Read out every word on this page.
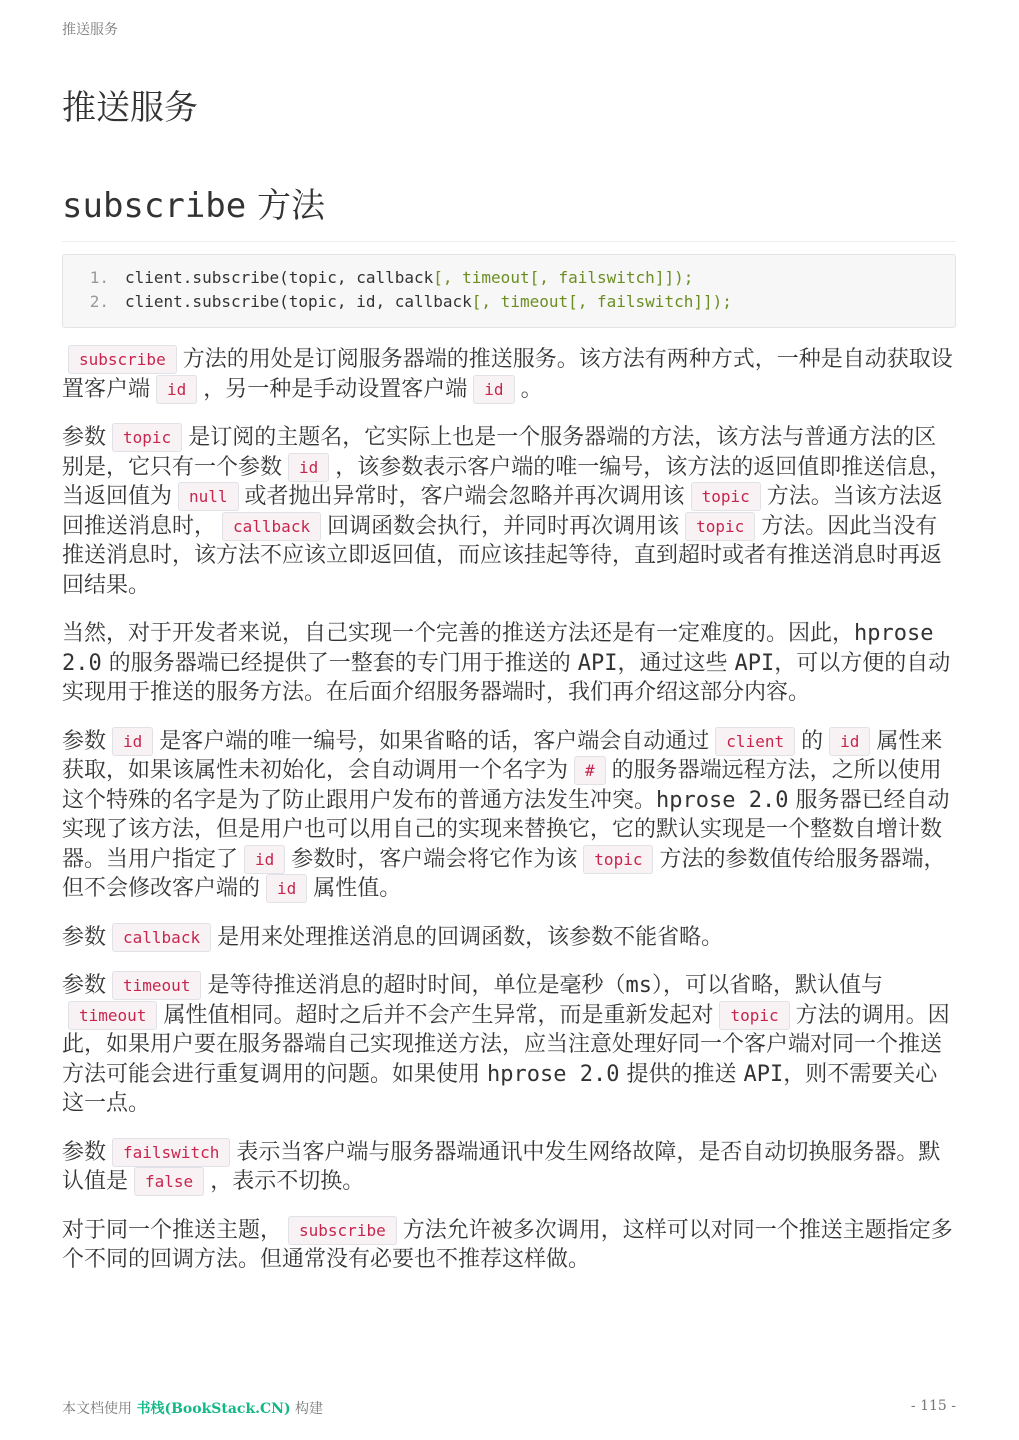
推送服务
推送服务
subscribe 方法
1. client.subscribe(topic, callback[, timeout[, failswitch]]);
2. client.subscribe(topic, id, callback[, timeout[, failswitch]]);

subscribe 方法的用处是订阅服务器端的推送服务。该方法有两种方式，一种是自动获取设置客户端 id ，另一种是手动设置客户端 id 。

参数 topic 是订阅的主题名，它实际上也是一个服务器端的方法，该方法与普通方法的区别是，它只有一个参数 id ，该参数表示客户端的唯一编号，该方法的返回值即推送信息，当返回值为 null 或者抛出异常时，客户端会忽略并再次调用该 topic 方法。当该方法返回推送消息时， callback 回调函数会执行，并同时再次调用该 topic 方法。因此当没有推送消息时，该方法不应该立即返回值，而应该挂起等待，直到超时或者有推送消息时再返回结果。

当然，对于开发者来说，自己实现一个完善的推送方法还是有一定难度的。因此，hprose 2.0 的服务器端已经提供了一整套的专门用于推送的 API，通过这些 API，可以方便的自动实现用于推送的服务方法。在后面介绍服务器端时，我们再介绍这部分内容。

参数 id 是客户端的唯一编号，如果省略的话，客户端会自动通过 client 的 id 属性来获取，如果该属性未初始化，会自动调用一个名字为 # 的服务器端远程方法，之所以使用这个特殊的名字是为了防止跟用户发布的普通方法发生冲突。hprose 2.0 服务器已经自动实现了该方法，但是用户也可以用自己的实现来替换它，它的默认实现是一个整数自增计数器。当用户指定了 id 参数时，客户端会将它作为该 topic 方法的参数值传给服务器端，但不会修改客户端的 id 属性值。

参数 callback 是用来处理推送消息的回调函数，该参数不能省略。

参数 timeout 是等待推送消息的超时时间，单位是毫秒（ms），可以省略，默认值与timeout 属性值相同。超时之后并不会产生异常，而是重新发起对 topic 方法的调用。因此，如果用户要在服务器端自己实现推送方法，应当注意处理好同一个客户端对同一个推送方法可能会进行重复调用的问题。如果使用 hprose 2.0 提供的推送 API，则不需要关心这一点。

参数 failswitch 表示当客户端与服务器端通讯中发生网络故障，是否自动切换服务器。默认值是 false ，表示不切换。

对于同一个推送主题， subscribe 方法允许被多次调用，这样可以对同一个推送主题指定多个不同的回调方法。但通常没有必要也不推荐这样做。

本文档使用 书栈(BookStack.CN) 构建	- 115 -
